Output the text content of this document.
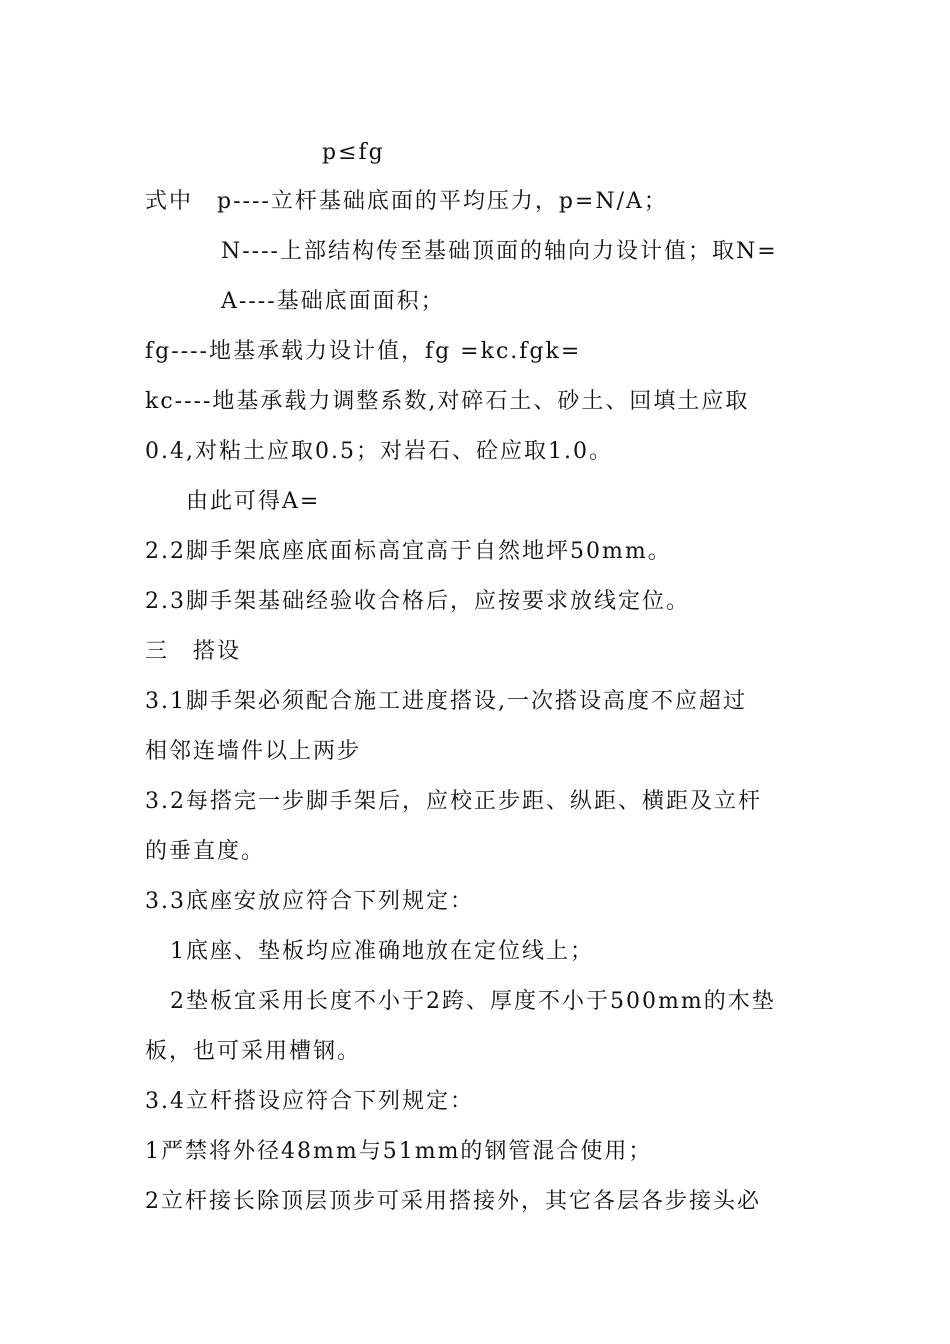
p≤fg
式中　p----立杆基础底面的平均压力，p=N/A；
N----上部结构传至基础顶面的轴向力设计值；取N=
A----基础底面面积；
fg----地基承载力设计值，fg =kc.fgk=
kc----地基承载力调整系数,对碎石土、砂土、回填土应取
0.4,对粘土应取0.5；对岩石、砼应取1.0。
由此可得A=
2.2脚手架底座底面标高宜高于自然地坪50mm。
2.3脚手架基础经验收合格后，应按要求放线定位。
三　搭设
3.1脚手架必须配合施工进度搭设,一次搭设高度不应超过
相邻连墙件以上两步
3.2每搭完一步脚手架后，应校正步距、纵距、横距及立杆
的垂直度。
3.3底座安放应符合下列规定：
1底座、垫板均应准确地放在定位线上；
2垫板宜采用长度不小于2跨、厚度不小于500mm的木垫
板，也可采用槽钢。
3.4立杆搭设应符合下列规定：
1严禁将外径48mm与51mm的钢管混合使用；
2立杆接长除顶层顶步可采用搭接外，其它各层各步接头必
